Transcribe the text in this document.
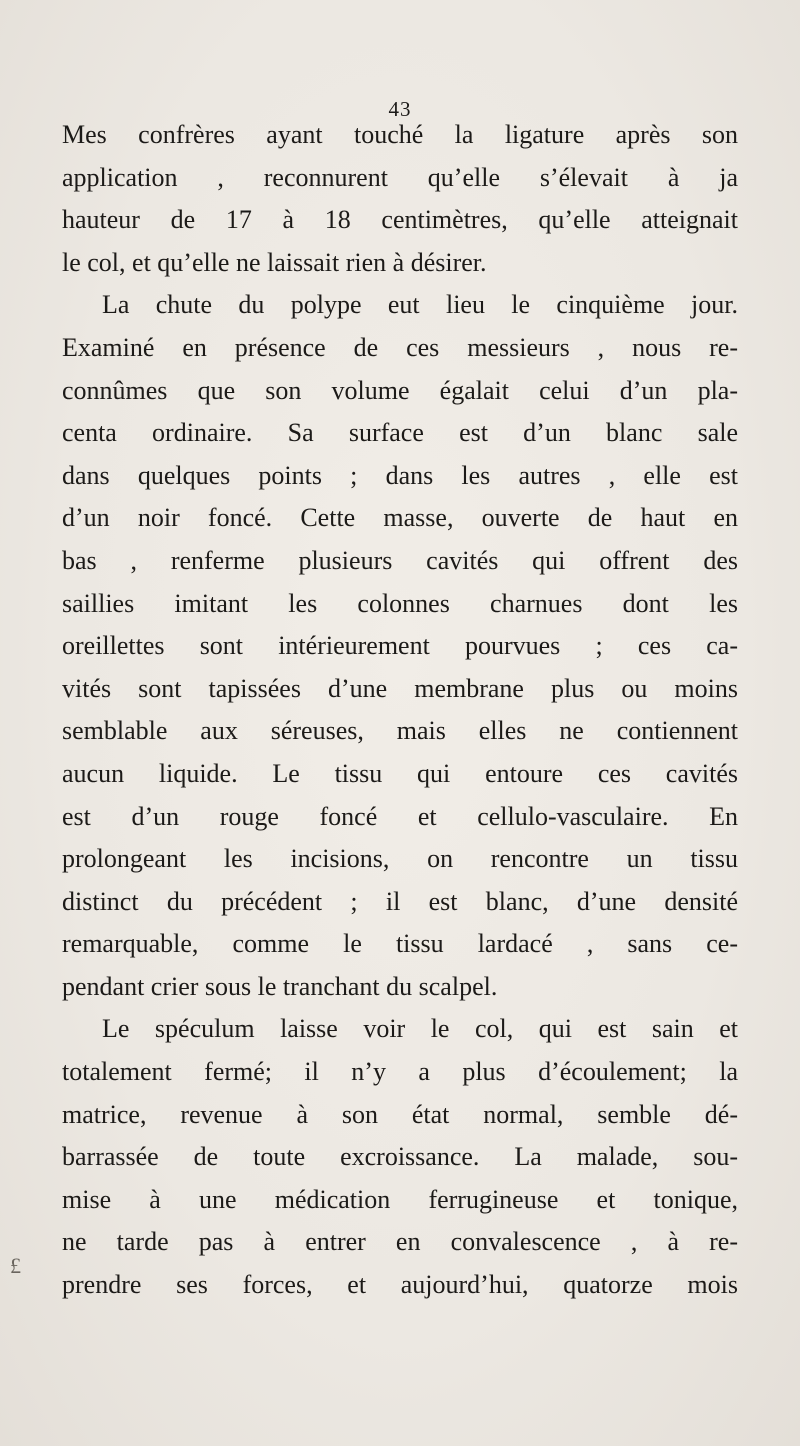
43
£
Mes confrères ayant touché la ligature après son
application , reconnurent qu’elle s’élevait à ja
hauteur de 17 à 18 centimètres, qu’elle atteignait
le col, et qu’elle ne laissait rien à désirer.
La chute du polype eut lieu le cinquième jour.
Examiné en présence de ces messieurs , nous re-
connûmes que son volume égalait celui d’un pla-
centa ordinaire. Sa surface est d’un blanc sale
dans quelques points ; dans les autres , elle est
d’un noir foncé. Cette masse, ouverte de haut en
bas , renferme plusieurs cavités qui offrent des
saillies imitant les colonnes charnues dont les
oreillettes sont intérieurement pourvues ; ces ca-
vités sont tapissées d’une membrane plus ou moins
semblable aux séreuses, mais elles ne contiennent
aucun liquide. Le tissu qui entoure ces cavités
est d’un rouge foncé et cellulo-vasculaire. En
prolongeant les incisions, on rencontre un tissu
distinct du précédent ; il est blanc, d’une densité
remarquable, comme le tissu lardacé , sans ce-
pendant crier sous le tranchant du scalpel.
Le spéculum laisse voir le col, qui est sain et
totalement fermé; il n’y a plus d’écoulement; la
matrice, revenue à son état normal, semble dé-
barrassée de toute excroissance. La malade, sou-
mise à une médication ferrugineuse et tonique,
ne tarde pas à entrer en convalescence , à re-
prendre ses forces, et aujourd’hui, quatorze mois
